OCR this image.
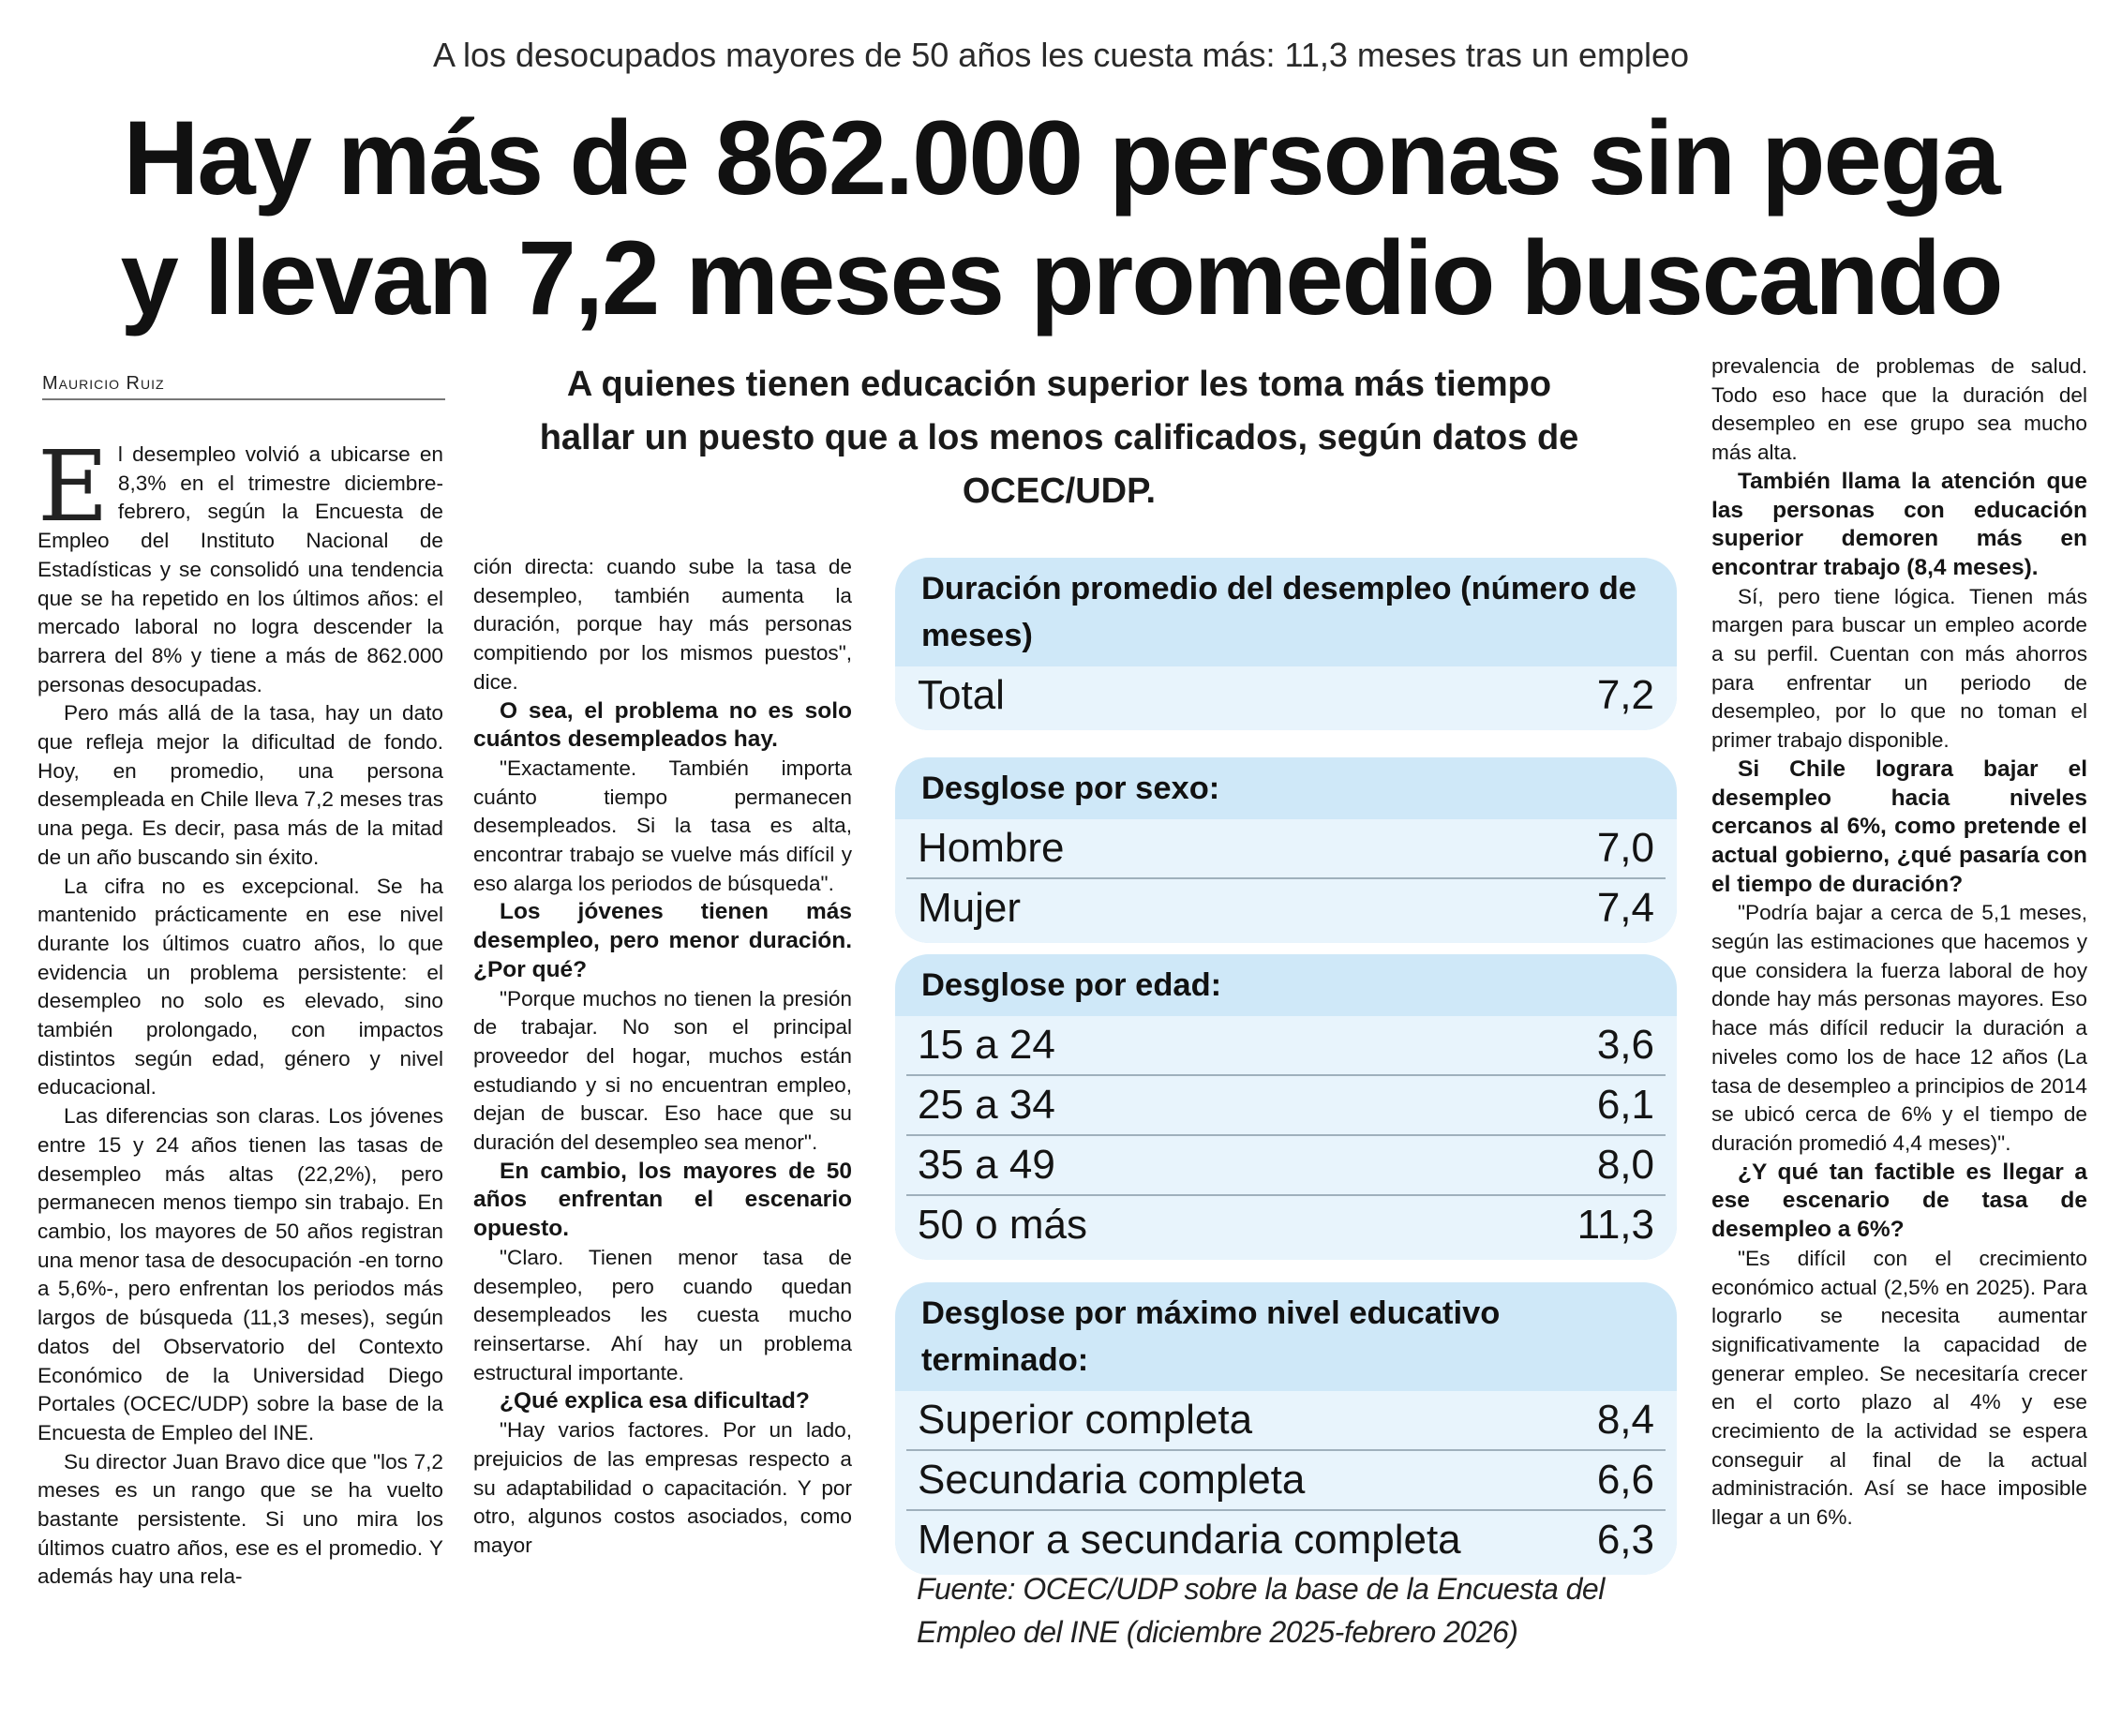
A los desocupados mayores de 50 años les cuesta más: 11,3 meses tras un empleo
Hay más de 862.000 personas sin pega
y llevan 7,2 meses promedio buscando
Mauricio Ruiz	A quienes tienen educación superior les toma más tiempo hallar un puesto que a los menos calificados, según datos de OCEC/UDP.

El desempleo volvió a ubicarse en 8,3% en el trimestre diciembre-febrero, según la Encuesta de Empleo del Instituto Nacional de Estadísticas y se consolidó una tendencia que se ha repetido en los últimos años: el mercado laboral no logra descender la barrera del 8% y tiene a más de 862.000 personas desocupadas.

Pero más allá de la tasa, hay un dato que refleja mejor la dificultad de fondo. Hoy, en promedio, una persona desempleada en Chile lleva 7,2 meses tras una pega. Es decir, pasa más de la mitad de un año buscando sin éxito.

La cifra no es excepcional. Se ha mantenido prácticamente en ese nivel durante los últimos cuatro años, lo que evidencia un problema persistente: el desempleo no solo es elevado, sino también prolongado, con impactos distintos según edad, género y nivel educacional.

Las diferencias son claras. Los jóvenes entre 15 y 24 años tienen las tasas de desempleo más altas (22,2%), pero permanecen menos tiempo sin trabajo. En cambio, los mayores de 50 años registran una menor tasa de desocupación -en torno a 5,6%-, pero enfrentan los periodos más largos de búsqueda (11,3 meses), según datos del Observatorio del Contexto Económico de la Universidad Diego Portales (OCEC/UDP) sobre la base de la Encuesta de Empleo del INE.

Su director Juan Bravo dice que "los 7,2 meses es un rango que se ha vuelto bastante persistente. Si uno mira los últimos cuatro años, ese es el promedio. Y además hay una rela-

ción directa: cuando sube la tasa de desempleo, también aumenta la duración, porque hay más personas compitiendo por los mismos puestos", dice.

O sea, el problema no es solo cuántos desempleados hay.

"Exactamente. También importa cuánto tiempo permanecen desempleados. Si la tasa es alta, encontrar trabajo se vuelve más difícil y eso alarga los periodos de búsqueda".

Los jóvenes tienen más desempleo, pero menor duración. ¿Por qué?

"Porque muchos no tienen la presión de trabajar. No son el principal proveedor del hogar, muchos están estudiando y si no encuentran empleo, dejan de buscar. Eso hace que su duración del desempleo sea menor".

En cambio, los mayores de 50 años enfrentan el escenario opuesto.

"Claro. Tienen menor tasa de desempleo, pero cuando quedan desempleados les cuesta mucho reinsertarse. Ahí hay un problema estructural importante.

¿Qué explica esa dificultad?

"Hay varios factores. Por un lado, prejuicios de las empresas respecto a su adaptabilidad o capacitación. Y por otro, algunos costos asociados, como mayor

prevalencia de problemas de salud. Todo eso hace que la duración del desempleo en ese grupo sea mucho más alta.

También llama la atención que las personas con educación superior demoren más en encontrar trabajo (8,4 meses).

Sí, pero tiene lógica. Tienen más margen para buscar un empleo acorde a su perfil. Cuentan con más ahorros para enfrentar un periodo de desempleo, por lo que no toman el primer trabajo disponible.

Si Chile lograra bajar el desempleo hacia niveles cercanos al 6%, como pretende el actual gobierno, ¿qué pasaría con el tiempo de duración?

"Podría bajar a cerca de 5,1 meses, según las estimaciones que hacemos y que considera la fuerza laboral de hoy donde hay más personas mayores. Eso hace más difícil reducir la duración a niveles como los de hace 12 años (La tasa de desempleo a principios de 2014 se ubicó cerca de 6% y el tiempo de duración promedió 4,4 meses)".

¿Y qué tan factible es llegar a ese escenario de tasa de desempleo a 6%?

"Es difícil con el crecimiento económico actual (2,5% en 2025). Para lograrlo se necesita aumentar significativamente la capacidad de generar empleo. Se necesitaría crecer en el corto plazo al 4% y ese crecimiento de la actividad se espera conseguir al final de la actual administración. Así se hace imposible llegar a un 6%.

Duración promedio del desempleo (número de meses)
Total	7,2
Desglose por sexo:
Hombre	7,0
Mujer	7,4
Desglose por edad:
15 a 24	3,6
25 a 34	6,1
35 a 49	8,0
50 o más	11,3
Desglose por máximo nivel educativo terminado:
Superior completa	8,4
Secundaria completa	6,6
Menor a secundaria completa	6,3
Fuente: OCEC/UDP sobre la base de la Encuesta del Empleo del INE (diciembre 2025-febrero 2026)
